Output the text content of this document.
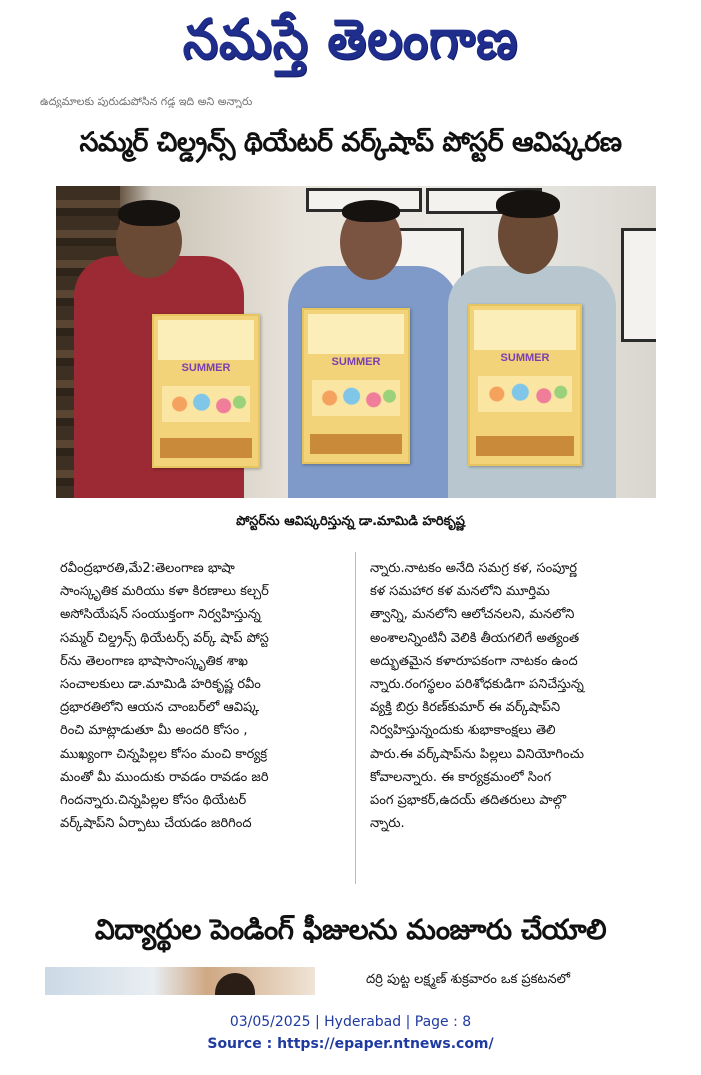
నమస్తే తెలంగాణ
ఉద్యమాలకు పురుడుపోసిన గడ్డ ఇది అని అన్నారు
సమ్మర్ చిల్డ్రన్స్ థియేటర్ వర్క్‌షాప్ పోస్టర్ ఆవిష్కరణ
SUMMER	SUMMER	SUMMER
పోస్టర్‌ను ఆవిష్కరిస్తున్న డా.మామిడి హరికృష్ణ
రవీంద్రభారతి,మే2:తెలంగాణ భాషా
సాంస్కృతిక మరియు కళా కిరణాలు కల్చర్
అసోసియేషన్ సంయుక్తంగా నిర్వహిస్తున్న
సమ్మర్ చిల్డ్రన్స్ థియేటర్స్ వర్క్ షాప్ పోస్ట
ర్‌ను తెలంగాణ భాషాసాంస్కృతిక శాఖ
సంచాలకులు డా.మామిడి హరికృష్ణ రవీం
ద్రభారతిలోని ఆయన చాంబర్‌లో ఆవిష్క
రించి మాట్లాడుతూ మీ అందరి కోసం ,
ముఖ్యంగా చిన్నపిల్లల కోసం మంచి కార్యక్ర
మంతో మీ ముందుకు రావడం రావడం జరి
గిందన్నారు.చిన్నపిల్లల కోసం థియేటర్
వర్క్‌షాప్‌ని ఏర్పాటు చేయడం జరిగింద
న్నారు.నాటకం అనేది సమగ్ర కళ, సంపూర్ణ
కళ సమహార కళ మనలోని మూర్తిమ
త్వాన్ని, మనలోని ఆలోచనలని, మనలోని
అంశాలన్నింటినీ వెలికి తీయగలిగే అత్యంత
అద్భుతమైన కళారూపకంగా నాటకం ఉంద
న్నారు.రంగస్థలం పరిశోధకుడిగా పనిచేస్తున్న
వ్యక్తి బిర్రు కిరణ్‌కుమార్ ఈ వర్క్‌షాప్‌ని
నిర్వహిస్తున్నందుకు శుభాకాంక్షలు తెలి
పారు.ఈ వర్క్‌షాప్‌ను పిల్లలు వినియోగించు
కోవాలన్నారు. ఈ కార్యక్రమంలో సింగ
పంగ ప్రభాకర్,ఉదయ్ తదితరులు పాల్గొ
న్నారు.
విద్యార్థుల పెండింగ్ ఫీజులను మంజూరు చేయాలి
దర్రి పుట్ట లక్ష్మణ్ శుక్రవారం ఒక ప్రకటనలో
03/05/2025 | Hyderabad | Page : 8
Source : https://epaper.ntnews.com/
